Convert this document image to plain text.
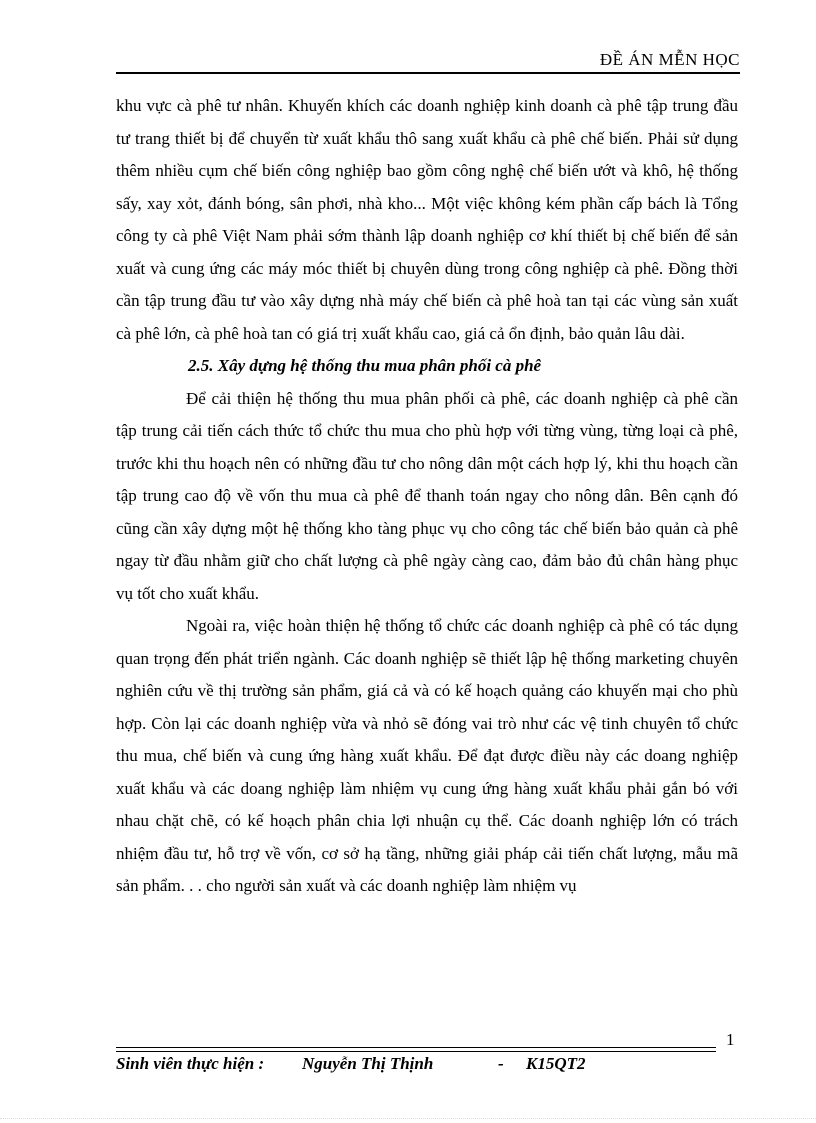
ĐỀ ÁN MỄN HỌC

khu vực cà phê tư nhân. Khuyến khích các doanh nghiệp kinh doanh cà phê tập trung đầu tư trang thiết bị để chuyển từ xuất khẩu thô sang xuất khẩu cà phê chế biến. Phải sử dụng thêm nhiều cụm chế biến công nghiệp bao gồm công nghệ chế biến ướt và khô, hệ thống sấy, xay xỏt, đánh bóng, sân phơi, nhà kho... Một việc không kém phần cấp bách là Tổng công ty cà phê Việt Nam phải sớm thành lập doanh nghiệp cơ khí thiết bị chế biến để sản xuất và cung ứng các máy móc thiết bị chuyên dùng trong công nghiệp cà phê. Đồng thời cần tập trung đầu tư vào xây dựng nhà máy chế biến cà phê hoà tan tại các vùng sản xuất cà phê lớn, cà phê hoà tan có giá trị xuất khẩu cao, giá cả ổn định, bảo quản lâu dài.

2.5. Xây dựng hệ thống thu mua phân phối cà phê

Để cải thiện hệ thống thu mua phân phối cà phê, các doanh nghiệp cà phê cần tập trung cải tiến cách thức tổ chức thu mua cho phù hợp với từng vùng, từng loại cà phê, trước khi thu hoạch nên có những đầu tư cho nông dân một cách hợp lý, khi thu hoạch cần tập trung cao độ về vốn thu mua cà phê để thanh toán ngay cho nông dân. Bên cạnh đó cũng cần xây dựng một hệ thống kho tàng phục vụ cho công tác chế biến bảo quản cà phê ngay từ đầu nhằm giữ cho chất lượng cà phê ngày càng cao, đảm bảo đủ chân hàng phục vụ tốt cho xuất khẩu.

Ngoài ra, việc hoàn thiện hệ thống tổ chức các doanh nghiệp cà phê có tác dụng quan trọng đến phát triển ngành. Các doanh nghiệp sẽ thiết lập hệ thống marketing chuyên nghiên cứu về thị trường sản phẩm, giá cả và có kế hoạch quảng cáo khuyến mại cho phù hợp. Còn lại các doanh nghiệp vừa và nhỏ sẽ đóng vai trò như các vệ tinh chuyên tổ chức thu mua, chế biến và cung ứng hàng xuất khẩu. Để đạt được điều này các doang nghiệp xuất khẩu và các doang nghiệp làm nhiệm vụ cung ứng hàng xuất khẩu phải gắn bó với nhau chặt chẽ, có kế hoạch phân chia lợi nhuận cụ thể. Các doanh nghiệp lớn có trách nhiệm đầu tư, hỗ trợ về vốn, cơ sở hạ tầng, những giải pháp cải tiến chất lượng, mẫu mã sản phẩm. . . cho người sản xuất và các doanh nghiệp làm nhiệm vụ

1
Sinh viên thực hiện : Nguyễn Thị Thịnh	- K15QT2
